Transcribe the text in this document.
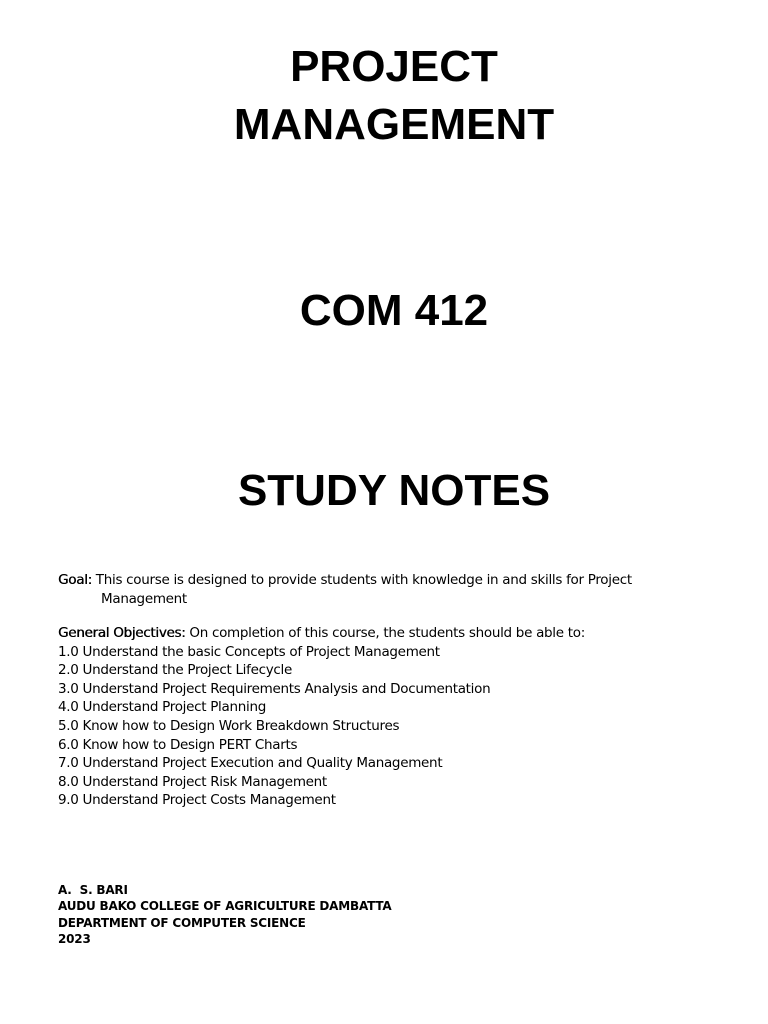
PROJECT
MANAGEMENT
COM 412
STUDY NOTES
Goal: This course is designed to provide students with knowledge in and skills for Project
Management
General Objectives: On completion of this course, the students should be able to:
1.0 Understand the basic Concepts of Project Management
2.0 Understand the Project Lifecycle
3.0 Understand Project Requirements Analysis and Documentation
4.0 Understand Project Planning
5.0 Know how to Design Work Breakdown Structures
6.0 Know how to Design PERT Charts
7.0 Understand Project Execution and Quality Management
8.0 Understand Project Risk Management
9.0 Understand Project Costs Management
A.  S. BARI
AUDU BAKO COLLEGE OF AGRICULTURE DAMBATTA
DEPARTMENT OF COMPUTER SCIENCE
2023
